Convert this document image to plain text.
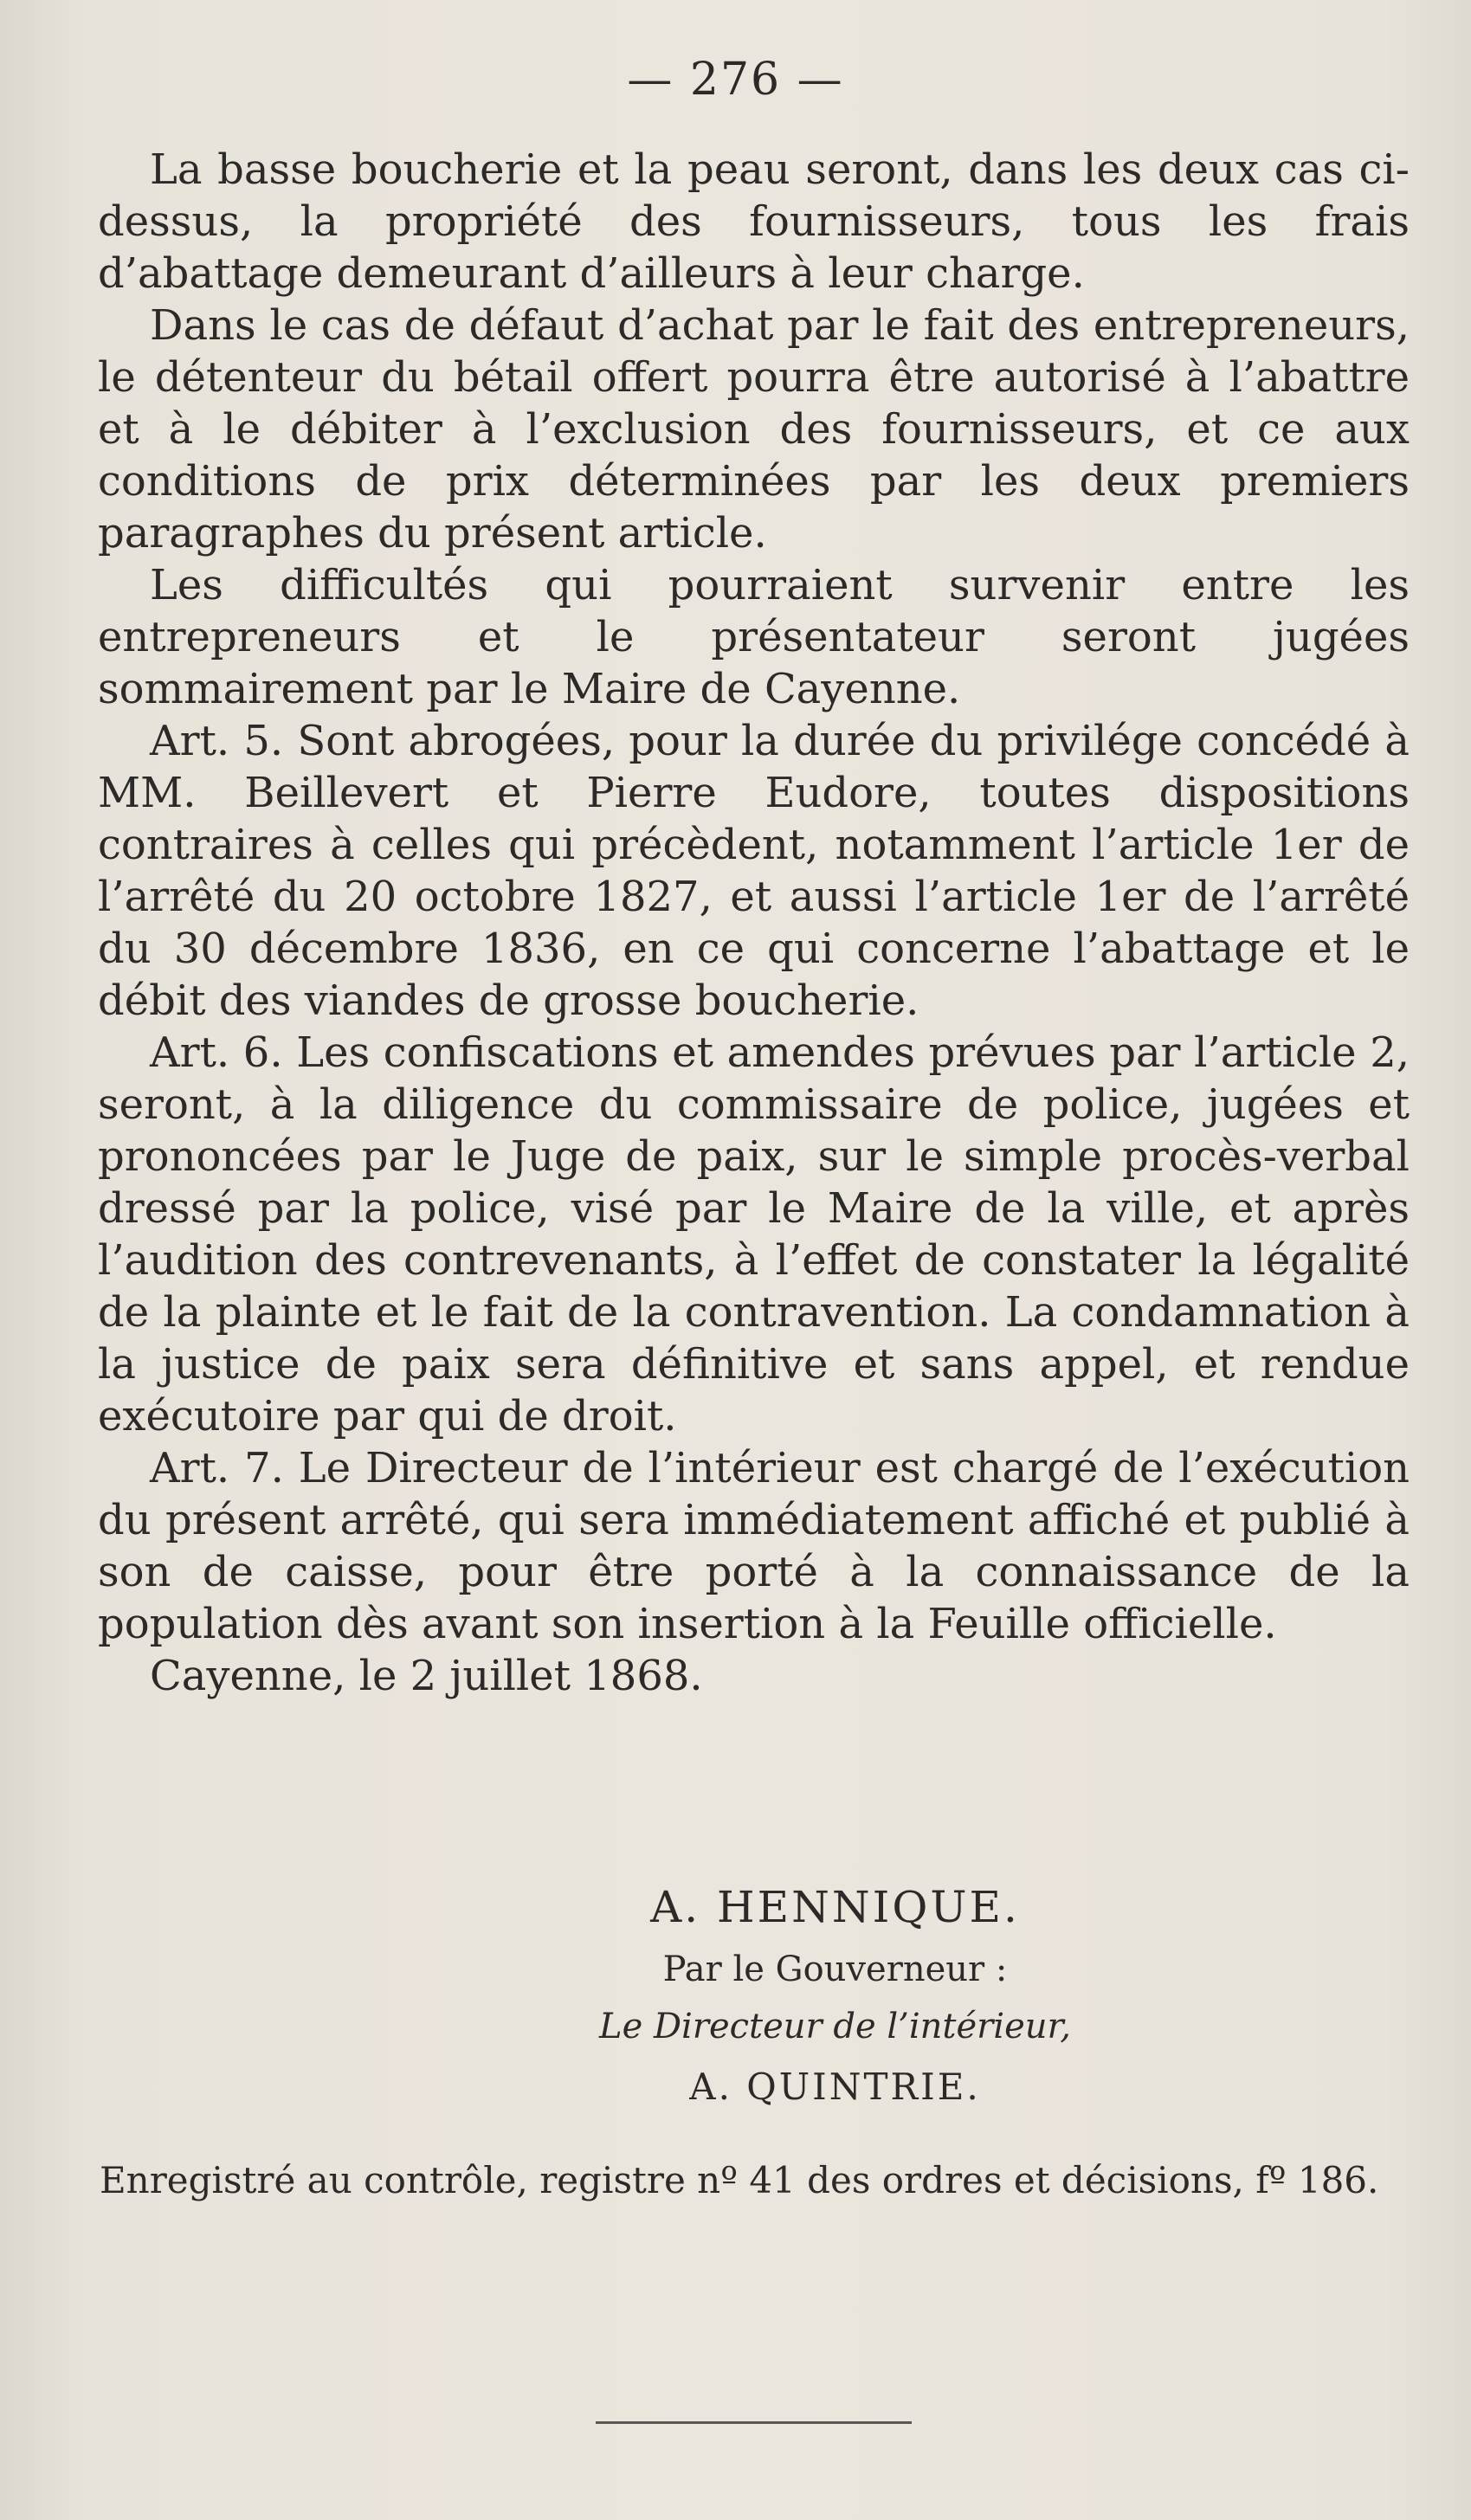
— 276 —

La basse boucherie et la peau seront, dans les deux cas ci-dessus, la propriété des fournisseurs, tous les frais d’abattage demeurant d’ailleurs à leur charge.

Dans le cas de défaut d’achat par le fait des entrepreneurs, le détenteur du bétail offert pourra être autorisé à l’abattre et à le débiter à l’exclusion des fournisseurs, et ce aux conditions de prix déterminées par les deux premiers paragraphes du présent article.

Les difficultés qui pourraient survenir entre les entrepreneurs et le présentateur seront jugées sommairement par le Maire de Cayenne.

Art. 5. Sont abrogées, pour la durée du privilége concédé à MM. Beillevert et Pierre Eudore, toutes dispositions contraires à celles qui précèdent, notamment l’article 1er de l’arrêté du 20 octobre 1827, et aussi l’article 1er de l’arrêté du 30 décembre 1836, en ce qui concerne l’abattage et le débit des viandes de grosse boucherie.

Art. 6. Les confiscations et amendes prévues par l’article 2, seront, à la diligence du commissaire de police, jugées et prononcées par le Juge de paix, sur le simple procès-verbal dressé par la police, visé par le Maire de la ville, et après l’audition des contrevenants, à l’effet de constater la légalité de la plainte et le fait de la contravention. La condamnation à la justice de paix sera définitive et sans appel, et rendue exécutoire par qui de droit.

Art. 7. Le Directeur de l’intérieur est chargé de l’exécution du présent arrêté, qui sera immédiatement affiché et publié à son de caisse, pour être porté à la connaissance de la population dès avant son insertion à la Feuille officielle.

Cayenne, le 2 juillet 1868.

A. HENNIQUE.
Par le Gouverneur :
Le Directeur de l’intérieur,
A. QUINTRIE.
Enregistré au contrôle, registre nº 41 des ordres et décisions, fº 186.
